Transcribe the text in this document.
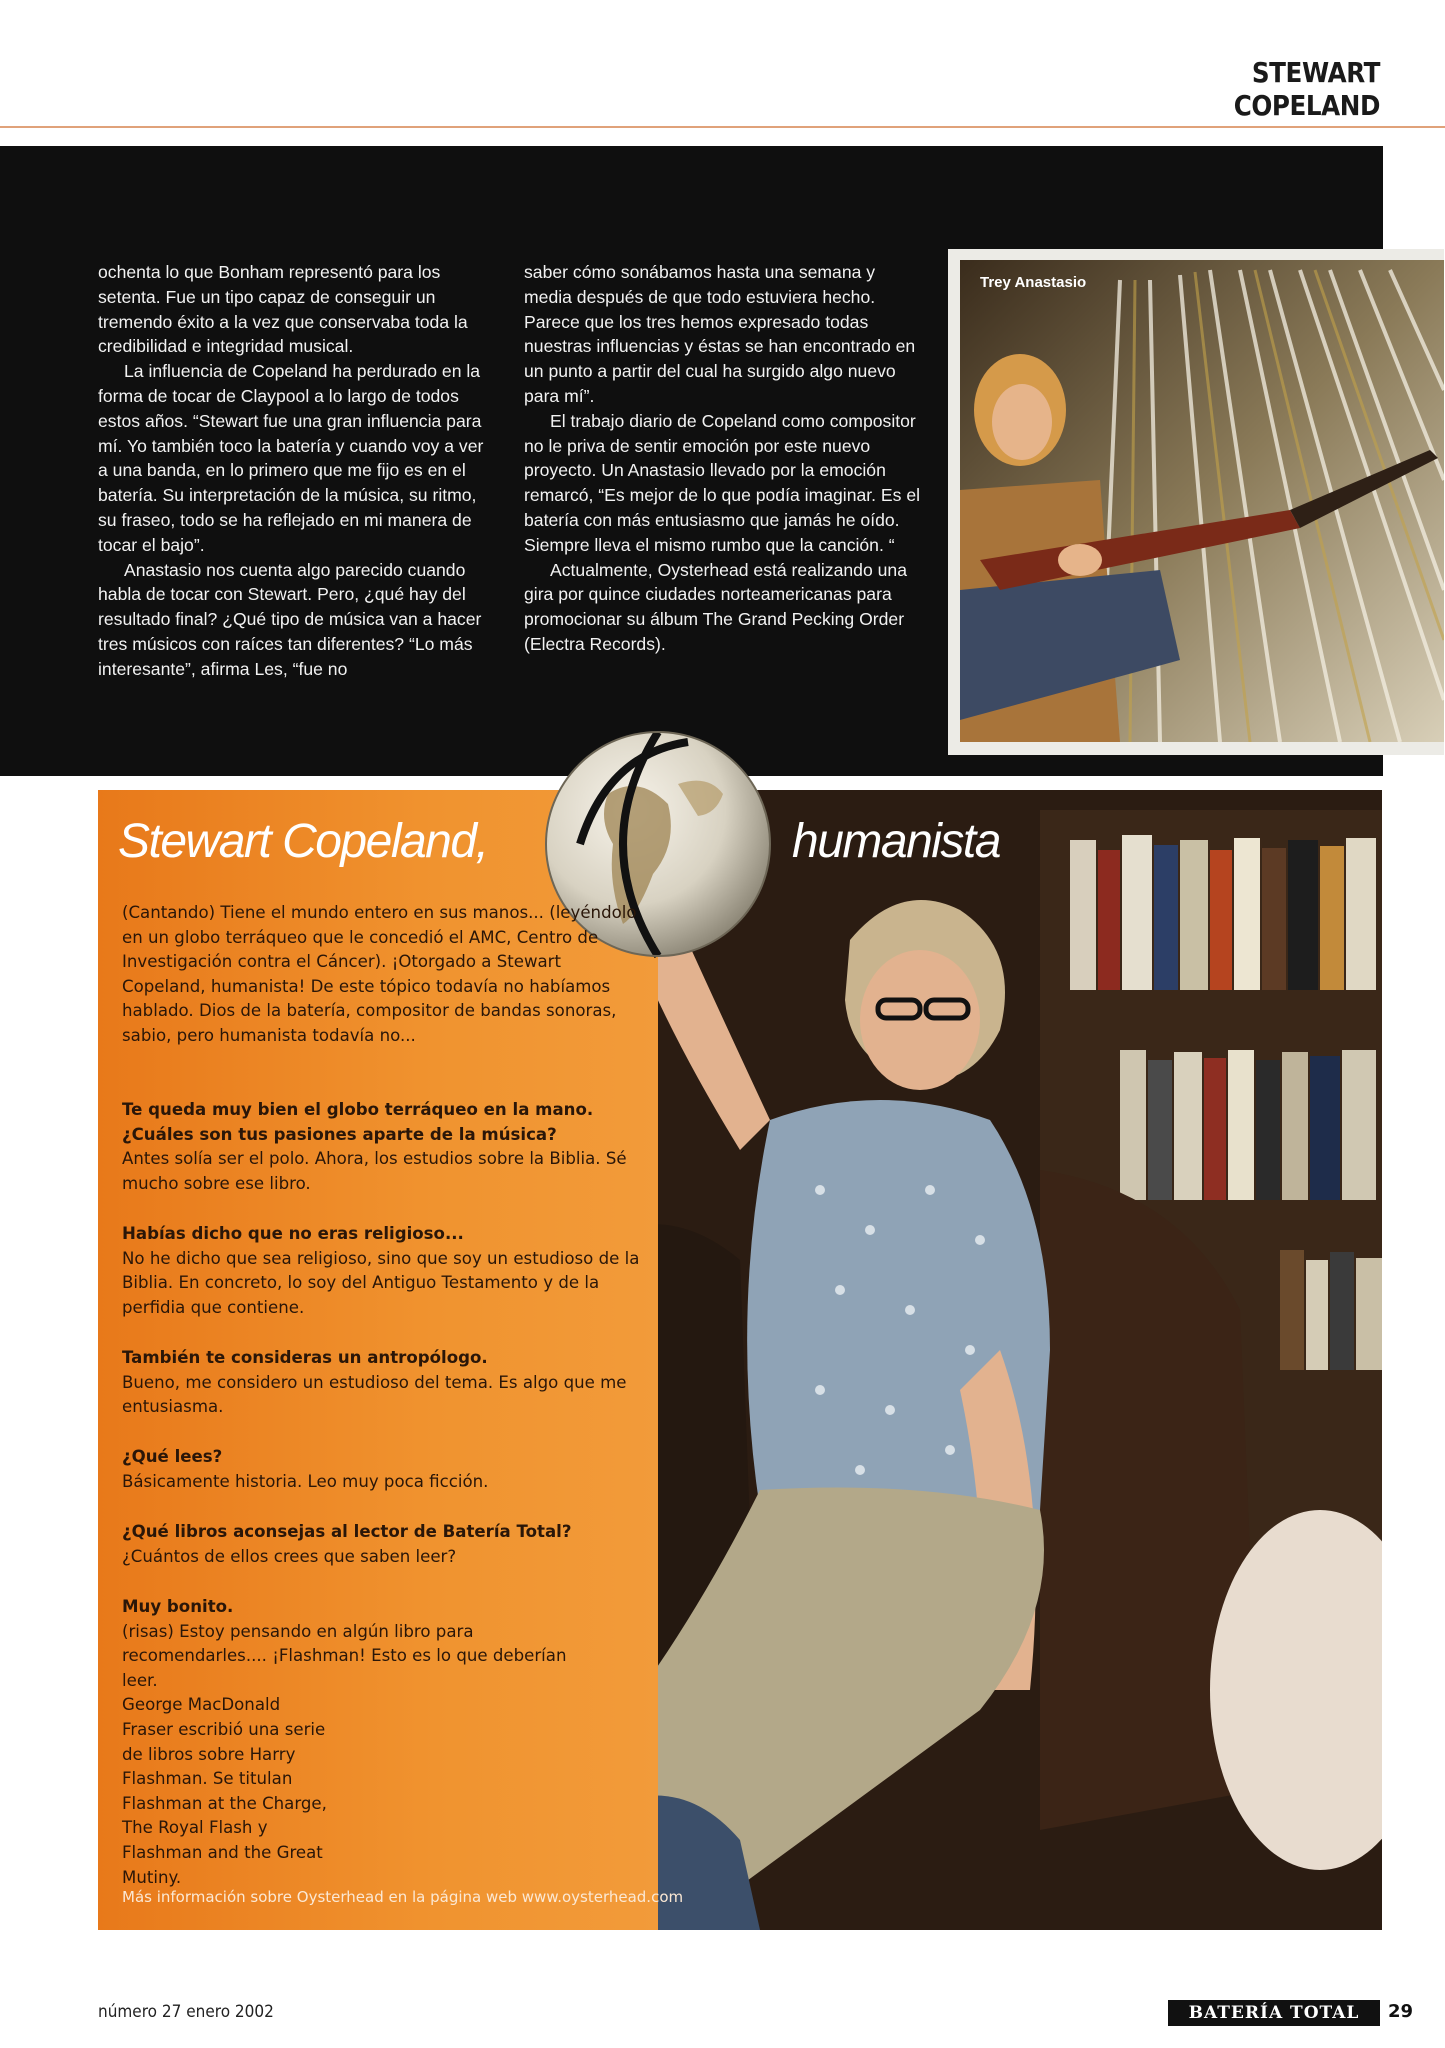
STEWART COPELAND

ochenta lo que Bonham representó para los setenta. Fue un tipo capaz de conseguir un tremendo éxito a la vez que conservaba toda la credibilidad e integridad musical.

La influencia de Copeland ha perdurado en la forma de tocar de Claypool a lo largo de todos estos años. “Stewart fue una gran influencia para mí. Yo también toco la batería y cuando voy a ver a una banda, en lo primero que me fijo es en el batería. Su interpretación de la música, su ritmo, su fraseo, todo se ha reflejado en mi manera de tocar el bajo”.

Anastasio nos cuenta algo parecido cuando habla de tocar con Stewart. Pero, ¿qué hay del resultado final? ¿Qué tipo de música van a hacer tres músicos con raíces tan diferentes? “Lo más interesante”, afirma Les, “fue no

saber cómo sonábamos hasta una semana y media después de que todo estuviera hecho. Parece que los tres hemos expresado todas nuestras influencias y éstas se han encontrado en un punto a partir del cual ha surgido algo nuevo para mí”.

El trabajo diario de Copeland como compositor no le priva de sentir emoción por este nuevo proyecto. Un Anastasio llevado por la emoción remarcó, “Es mejor de lo que podía imaginar. Es el batería con más entusiasmo que jamás he oído. Siempre lleva el mismo rumbo que la canción. “

Actualmente, Oysterhead está realizando una gira por quince ciudades norteamericanas para promocionar su álbum The Grand Pecking Order (Electra Records).

Trey Anastasio
Stewart Copeland,	humanista
(Cantando) Tiene el mundo entero en sus manos... (leyéndolo en un globo terráqueo que le concedió el AMC, Centro de Investigación contra el Cáncer). ¡Otorgado a Stewart Copeland, humanista! De este tópico todavía no habíamos hablado. Dios de la batería, compositor de bandas sonoras, sabio, pero humanista todavía no...

Te queda muy bien el globo terráqueo en la mano. ¿Cuáles son tus pasiones aparte de la música?

Antes solía ser el polo. Ahora, los estudios sobre la Biblia. Sé mucho sobre ese libro.

Habías dicho que no eras religioso...

No he dicho que sea religioso, sino que soy un estudioso de la Biblia. En concreto, lo soy del Antiguo Testamento y de la perfidia que contiene.

También te consideras un antropólogo.

Bueno, me considero un estudioso del tema. Es algo que me entusiasma.

¿Qué lees?

Básicamente historia. Leo muy poca ficción.

¿Qué libros aconsejas al lector de Batería Total?

¿Cuántos de ellos crees que saben leer?

Muy bonito.

(risas) Estoy pensando en algún libro para recomendarles.... ¡Flashman! Esto es lo que deberían leer.

George MacDonald Fraser escribió una serie de libros sobre Harry Flashman. Se titulan Flashman at the Charge, The Royal Flash y Flashman and the Great Mutiny.

Más información sobre Oysterhead en la página web www.oysterhead.com
número 27 enero 2002	BATERÍA TOTAL	29
